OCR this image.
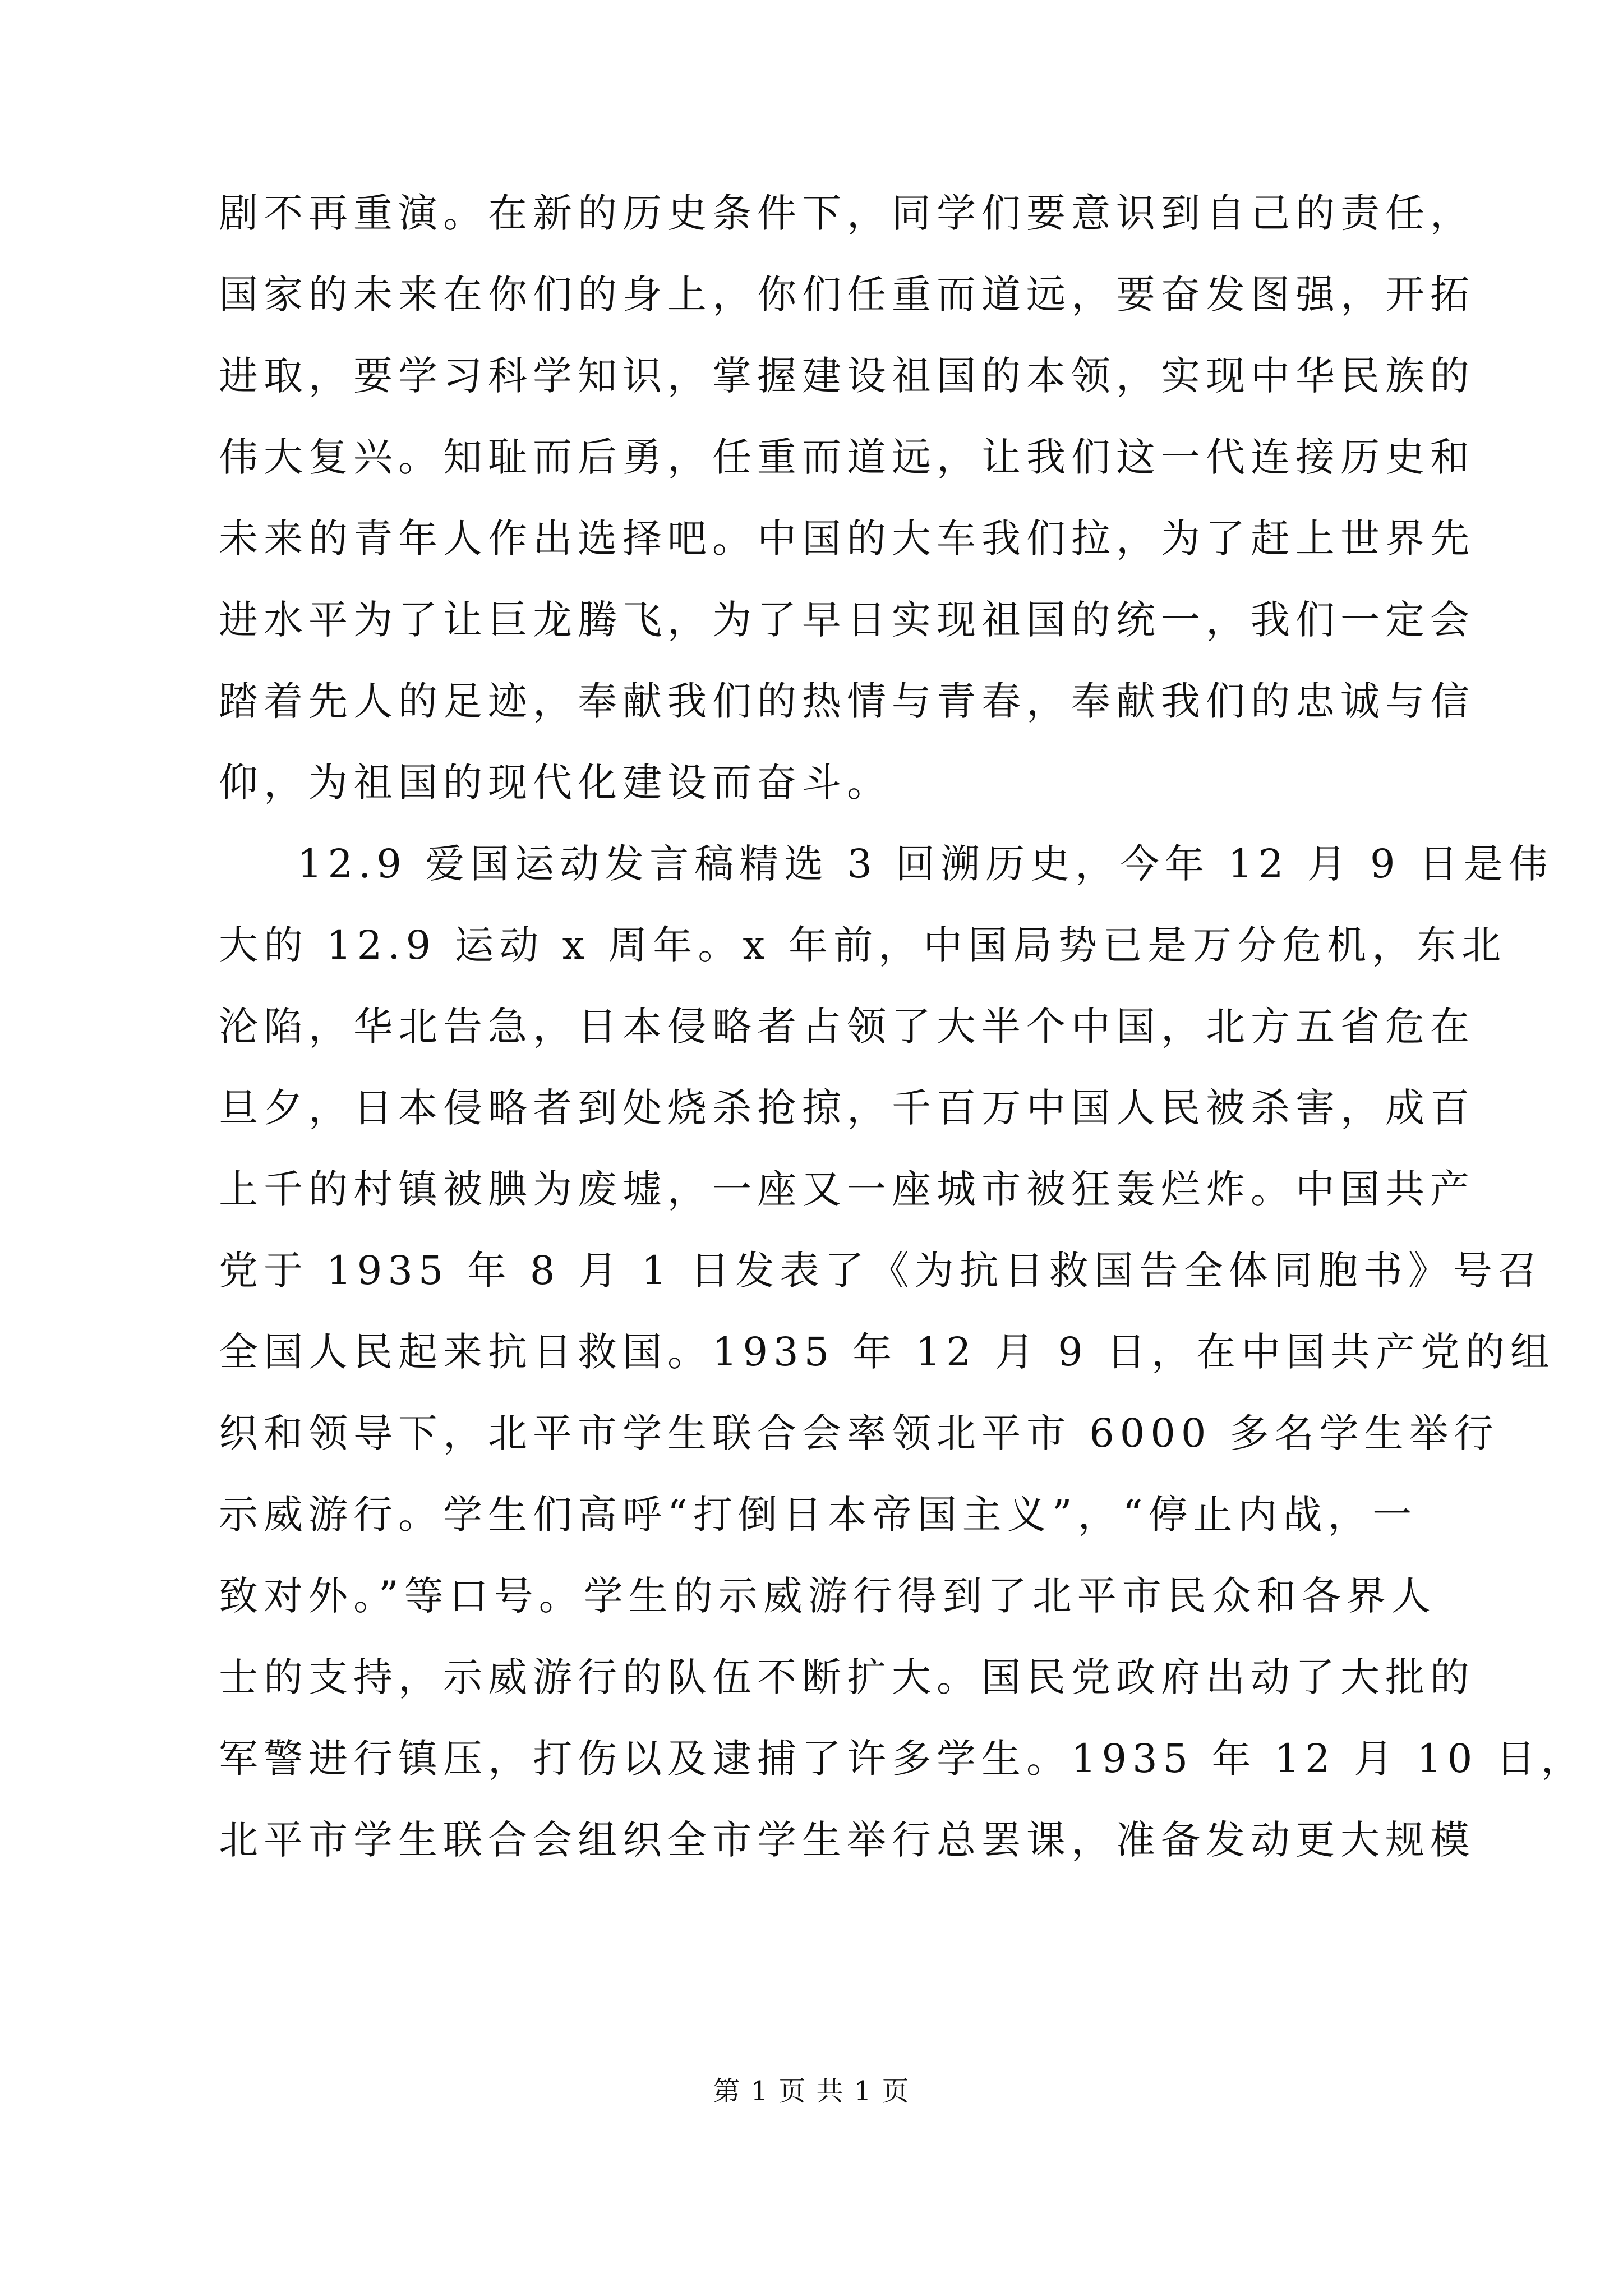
剧不再重演。在新的历史条件下，同学们要意识到自己的责任，
国家的未来在你们的身上，你们任重而道远，要奋发图强，开拓
进取，要学习科学知识，掌握建设祖国的本领，实现中华民族的
伟大复兴。知耻而后勇，任重而道远，让我们这一代连接历史和
未来的青年人作出选择吧。中国的大车我们拉，为了赶上世界先
进水平为了让巨龙腾飞，为了早日实现祖国的统一，我们一定会
踏着先人的足迹，奉献我们的热情与青春，奉献我们的忠诚与信
仰，为祖国的现代化建设而奋斗。
12.9 爱国运动发言稿精选 3 回溯历史，今年 12 月 9 日是伟
大的 12.9 运动 x 周年。x 年前，中国局势已是万分危机，东北
沦陷，华北告急，日本侵略者占领了大半个中国，北方五省危在
旦夕，日本侵略者到处烧杀抢掠，千百万中国人民被杀害，成百
上千的村镇被腆为废墟，一座又一座城市被狂轰烂炸。中国共产
党于 1935 年 8 月 1 日发表了《为抗日救国告全体同胞书》号召
全国人民起来抗日救国。1935 年 12 月 9 日，在中国共产党的组
织和领导下，北平市学生联合会率领北平市 6000 多名学生举行
示威游行。学生们高呼“打倒日本帝国主义”，“停止内战，一
致对外。”等口号。学生的示威游行得到了北平市民众和各界人
士的支持，示威游行的队伍不断扩大。国民党政府出动了大批的
军警进行镇压，打伤以及逮捕了许多学生。1935 年 12 月 10 日，
北平市学生联合会组织全市学生举行总罢课，准备发动更大规模
第 1 页 共 1 页
